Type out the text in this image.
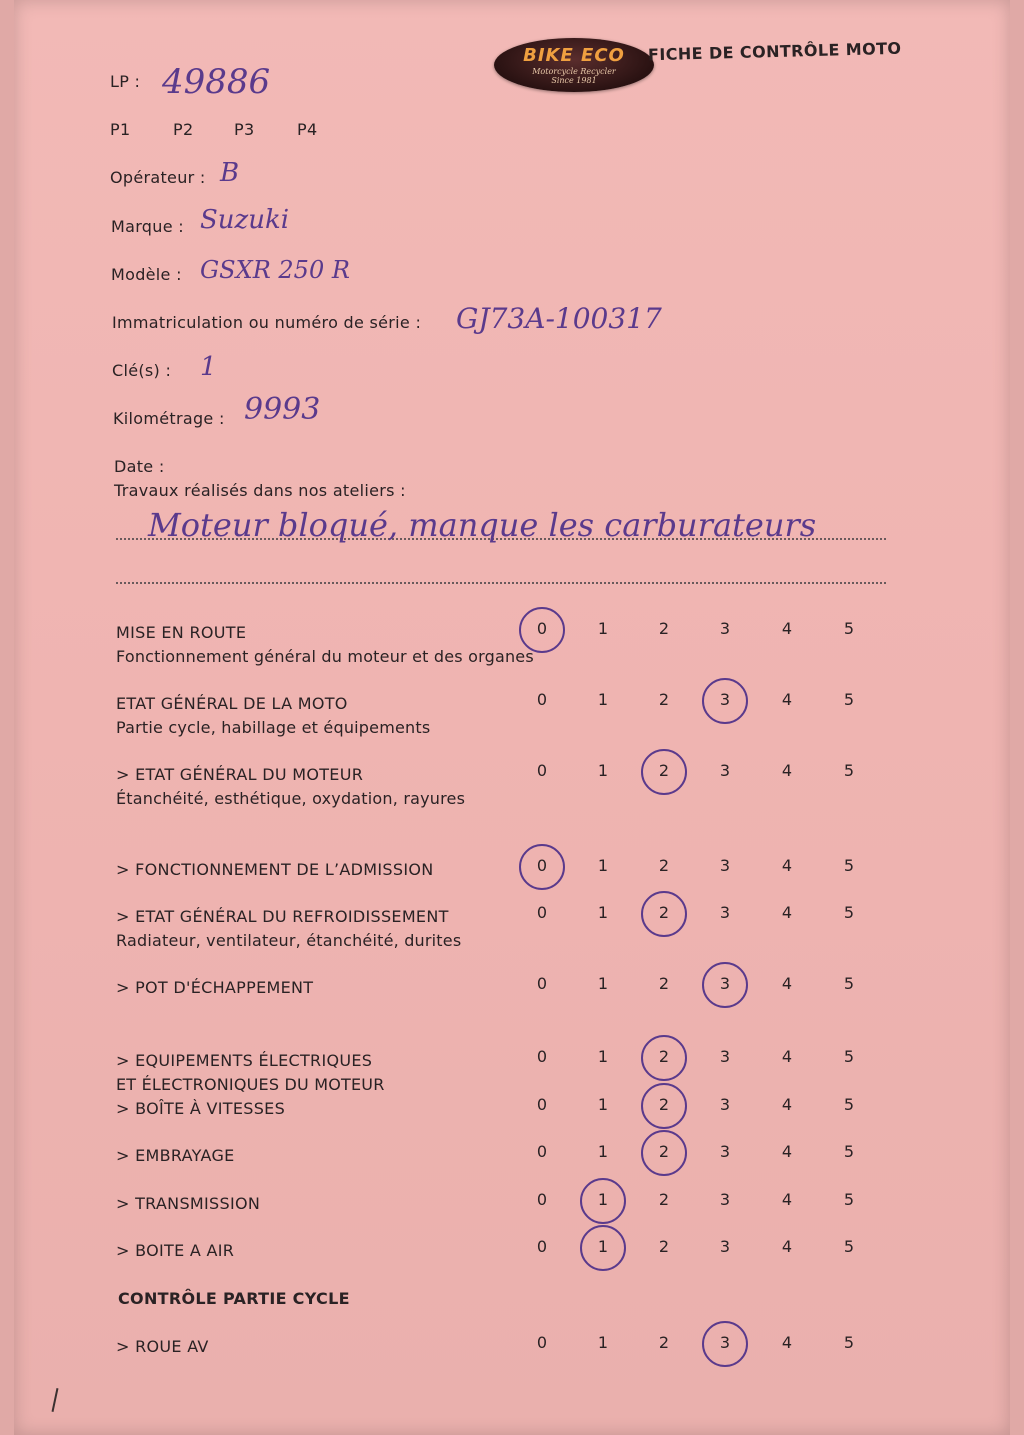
BIKE ECO
Motorcycle Recycler
Since 1981
FICHE DE CONTRÔLE MOTO
LP : 49886
P1	P2	P3	P4
Opérateur : B
Marque : Suzuki
Modèle : GSXR 250 R
Immatriculation ou numéro de série : GJ73A-100317
Clé(s) : 1
Kilométrage : 9993
Date :
Travaux réalisés dans nos ateliers :
Moteur bloqué, manque les carburateurs
MISE EN ROUTE
Fonctionnement général du moteur et des organes
0	1	2	3	4	5
ETAT GÉNÉRAL DE LA MOTO
Partie cycle, habillage et équipements
0	1	2	3	4	5
> ETAT GÉNÉRAL DU MOTEUR
Étanchéité, esthétique, oxydation, rayures
0	1	2	3	4	5
> FONCTIONNEMENT DE L’ADMISSION	0	1	2	3	4	5
> ETAT GÉNÉRAL DU REFROIDISSEMENT
Radiateur, ventilateur, étanchéité, durites
0	1	2	3	4	5
> POT D'ÉCHAPPEMENT	0	1	2	3	4	5
> EQUIPEMENTS ÉLECTRIQUES
ET ÉLECTRONIQUES DU MOTEUR
0	1	2	3	4	5
> BOÎTE À VITESSES	0	1	2	3	4	5
> EMBRAYAGE	0	1	2	3	4	5
> TRANSMISSION	0	1	2	3	4	5
> BOITE A AIR	0	1	2	3	4	5
CONTRÔLE PARTIE CYCLE
> ROUE AV	0	1	2	3	4	5
